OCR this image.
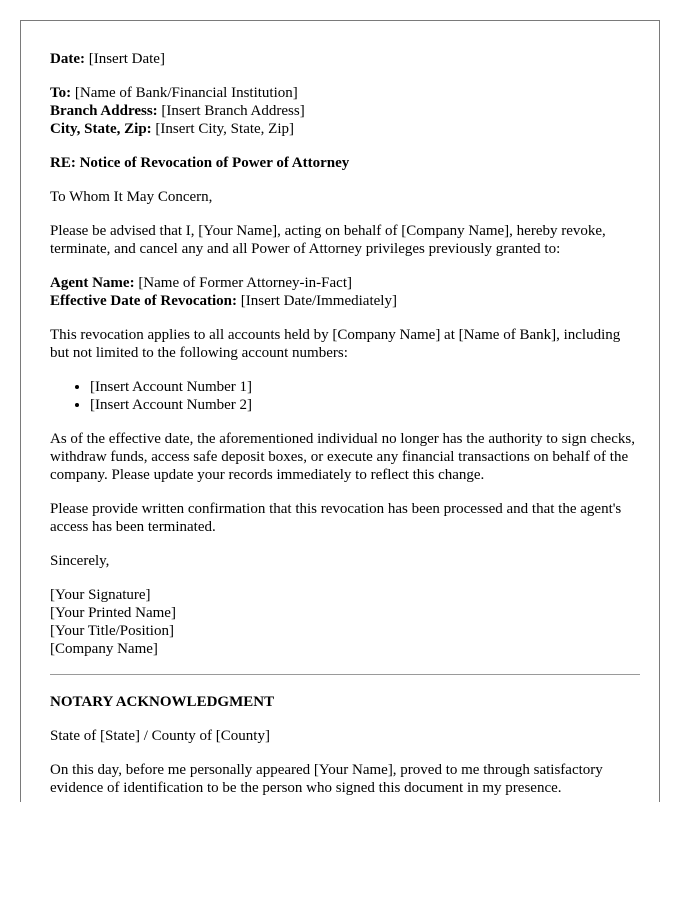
Date: [Insert Date]

To: [Name of Bank/Financial Institution]
Branch Address: [Insert Branch Address]
City, State, Zip: [Insert City, State, Zip]

RE: Notice of Revocation of Power of Attorney

To Whom It May Concern,

Please be advised that I, [Your Name], acting on behalf of [Company Name], hereby revoke, terminate, and cancel any and all Power of Attorney privileges previously granted to:

Agent Name: [Name of Former Attorney-in-Fact]
Effective Date of Revocation: [Insert Date/Immediately]

This revocation applies to all accounts held by [Company Name] at [Name of Bank], including but not limited to the following account numbers:

• [Insert Account Number 1]
• [Insert Account Number 2]

As of the effective date, the aforementioned individual no longer has the authority to sign checks, withdraw funds, access safe deposit boxes, or execute any financial transactions on behalf of the company. Please update your records immediately to reflect this change.

Please provide written confirmation that this revocation has been processed and that the agent's access has been terminated.

Sincerely,

[Your Signature]
[Your Printed Name]
[Your Title/Position]
[Company Name]

NOTARY ACKNOWLEDGMENT

State of [State] / County of [County]

On this day, before me personally appeared [Your Name], proved to me through satisfactory evidence of identification to be the person who signed this document in my presence.
